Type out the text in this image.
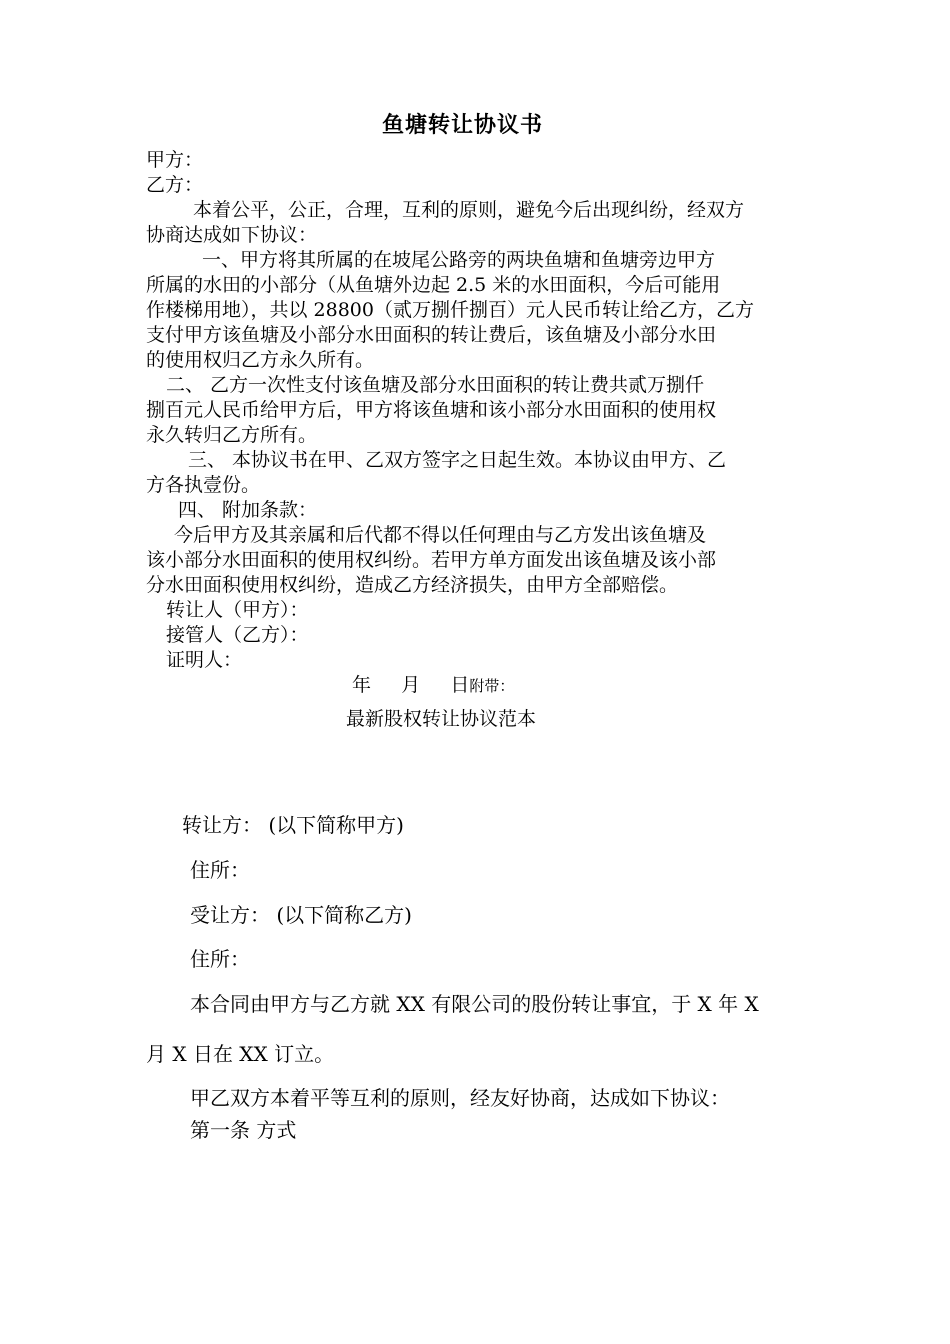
鱼塘转让协议书
甲方：
乙方：
本着公平，公正，合理，互利的原则，避免今后出现纠纷，经双方
协商达成如下协议：
一、甲方将其所属的在坡尾公路旁的两块鱼塘和鱼塘旁边甲方
所属的水田的小部分（从鱼塘外边起 2.5 米的水田面积，今后可能用
作楼梯用地），共以 28800（贰万捌仟捌百）元人民币转让给乙方，乙方
支付甲方该鱼塘及小部分水田面积的转让费后，该鱼塘及小部分水田
的使用权归乙方永久所有。
二、 乙方一次性支付该鱼塘及部分水田面积的转让费共贰万捌仟
捌百元人民币给甲方后，甲方将该鱼塘和该小部分水田面积的使用权
永久转归乙方所有。
三、 本协议书在甲、乙双方签字之日起生效。本协议由甲方、乙
方各执壹份。
四、 附加条款：
今后甲方及其亲属和后代都不得以任何理由与乙方发出该鱼塘及
该小部分水田面积的使用权纠纷。若甲方单方面发出该鱼塘及该小部
分水田面积使用权纠纷，造成乙方经济损失，由甲方全部赔偿。
转让人（甲方）：
接管人（乙方）：
证明人：
年     月     日附带：
最新股权转让协议范本
转让方： (以下简称甲方)
住所：
受让方： (以下简称乙方)
住所：
本合同由甲方与乙方就 XX 有限公司的股份转让事宜，于 X 年 X
月 X 日在 XX 订立。
甲乙双方本着平等互利的原则，经友好协商，达成如下协议：
第一条 方式
